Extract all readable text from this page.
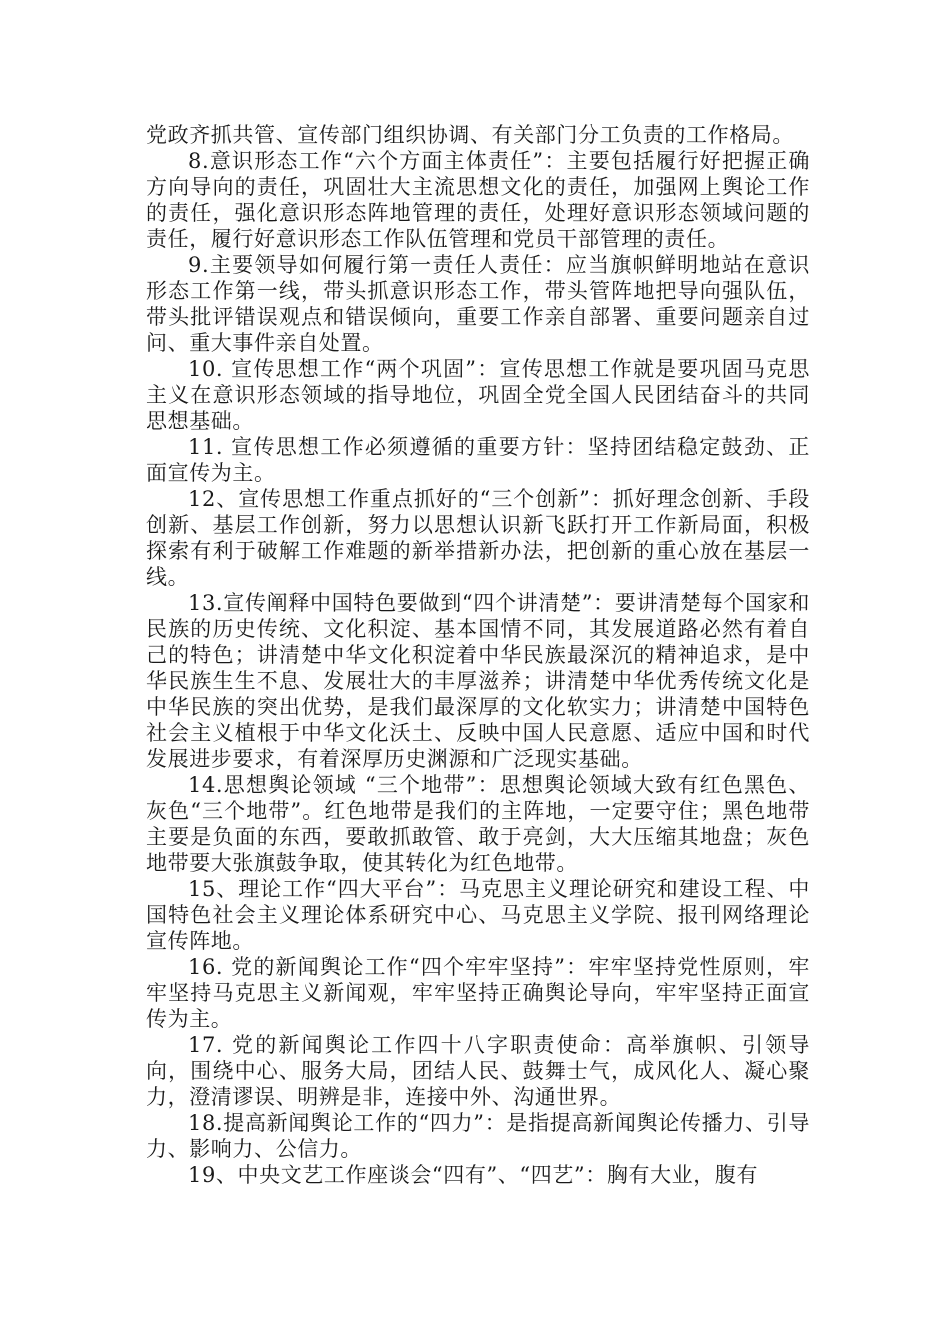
党政齐抓共管、宣传部门组织协调、有关部门分工负责的工作格局。

8.意识形态工作“六个方面主体责任”：主要包括履行好把握正确方向导向的责任，巩固壮大主流思想文化的责任，加强网上舆论工作的责任，强化意识形态阵地管理的责任，处理好意识形态领域问题的责任，履行好意识形态工作队伍管理和党员干部管理的责任。

9.主要领导如何履行第一责任人责任：应当旗帜鲜明地站在意识形态工作第一线，带头抓意识形态工作，带头管阵地把导向强队伍，带头批评错误观点和错误倾向，重要工作亲自部署、重要问题亲自过问、重大事件亲自处置。

10. 宣传思想工作“两个巩固”：宣传思想工作就是要巩固马克思主义在意识形态领域的指导地位，巩固全党全国人民团结奋斗的共同思想基础。

11. 宣传思想工作必须遵循的重要方针：坚持团结稳定鼓劲、正面宣传为主。

12、宣传思想工作重点抓好的“三个创新”：抓好理念创新、手段创新、基层工作创新，努力以思想认识新飞跃打开工作新局面，积极探索有利于破解工作难题的新举措新办法，把创新的重心放在基层一线。

13.宣传阐释中国特色要做到“四个讲清楚”：要讲清楚每个国家和民族的历史传统、文化积淀、基本国情不同，其发展道路必然有着自己的特色；讲清楚中华文化积淀着中华民族最深沉的精神追求，是中华民族生生不息、发展壮大的丰厚滋养；讲清楚中华优秀传统文化是中华民族的突出优势，是我们最深厚的文化软实力；讲清楚中国特色社会主义植根于中华文化沃土、反映中国人民意愿、适应中国和时代发展进步要求，有着深厚历史渊源和广泛现实基础。

14.思想舆论领域 “三个地带”：思想舆论领域大致有红色黑色、灰色“三个地带”。红色地带是我们的主阵地，一定要守住；黑色地带主要是负面的东西，要敢抓敢管、敢于亮剑，大大压缩其地盘；灰色地带要大张旗鼓争取，使其转化为红色地带。

15、理论工作“四大平台”：马克思主义理论研究和建设工程、中国特色社会主义理论体系研究中心、马克思主义学院、报刊网络理论宣传阵地。

16. 党的新闻舆论工作“四个牢牢坚持”：牢牢坚持党性原则，牢牢坚持马克思主义新闻观，牢牢坚持正确舆论导向，牢牢坚持正面宣传为主。

17. 党的新闻舆论工作四十八字职责使命：高举旗帜、引领导向，围绕中心、服务大局，团结人民、鼓舞士气，成风化人、凝心聚力，澄清谬误、明辨是非，连接中外、沟通世界。

18.提高新闻舆论工作的“四力”：是指提高新闻舆论传播力、引导力、影响力、公信力。

19、中央文艺工作座谈会“四有”、“四艺”：胸有大业，腹有
